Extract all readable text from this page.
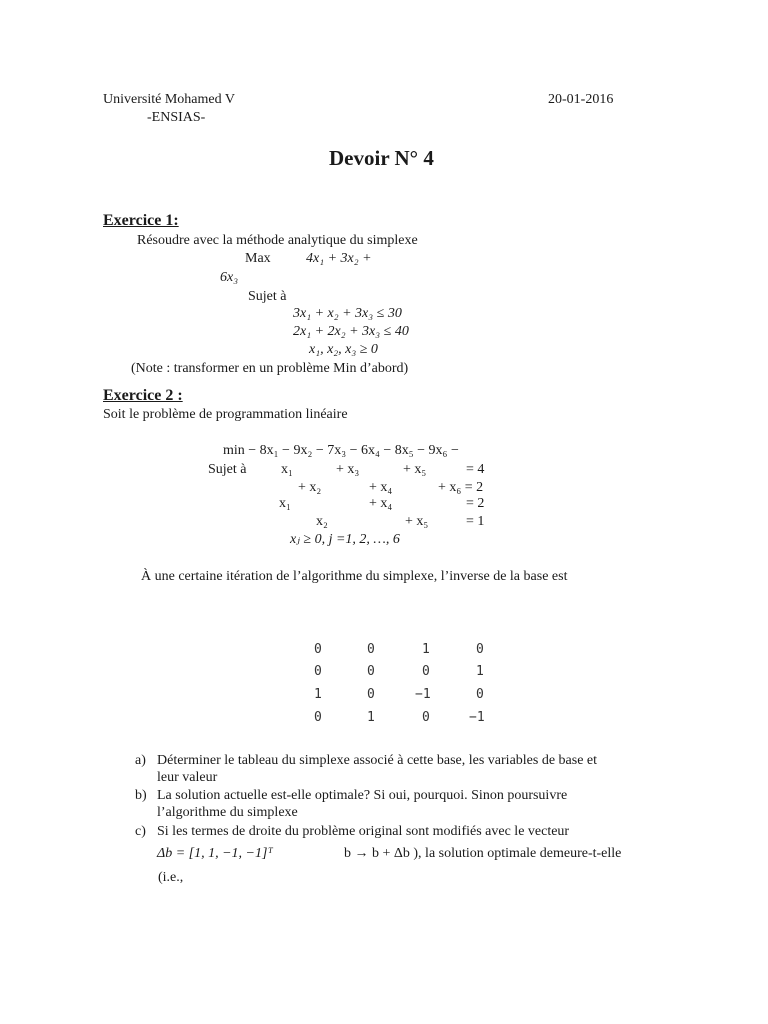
Université Mohamed V
-ENSIAS-
20-01-2016
Devoir N° 4
Exercice 1:
Résoudre avec la méthode analytique du simplexe
Max	4x₁ + 3x₂ +
6x₃
Sujet à
3x₁ + x₂ + 3x₃ ≤ 30
2x₁ + 2x₂ + 3x₃ ≤ 40
x₁, x₂, x₃ ≥ 0
(Note : transformer en un problème Min d’abord)
Exercice 2 :
Soit le problème de programmation linéaire
min − 8x₁ − 9x₂ − 7x₃ − 6x₄ − 8x₅ − 9x₆ −
Sujet à x₁	+ x₃	+ x₅	= 4
+ x₂	+ x₄	+ x₆ = 2
x₁	+ x₄	= 2
x₂	+ x₅	= 1
xⱼ ≥ 0, j =1, 2, …, 6
À une certaine itération de l’algorithme du simplexe, l’inverse de la base est
0	0	1	0
0	0	0	1
1	0	−1	0
0	1	0	−1
a) Déterminer le tableau du simplexe associé à cette base, les variables de base et
leur valeur
b) La solution actuelle est-elle optimale? Si oui, pourquoi. Sinon poursuivre
l’algorithme du simplexe
c) Si les termes de droite du problème original sont modifiés avec le vecteur
Δb = [1, 1, −1, −1]ᵀ	b → b + Δb ), la solution optimale demeure-t-elle
(i.e.,
